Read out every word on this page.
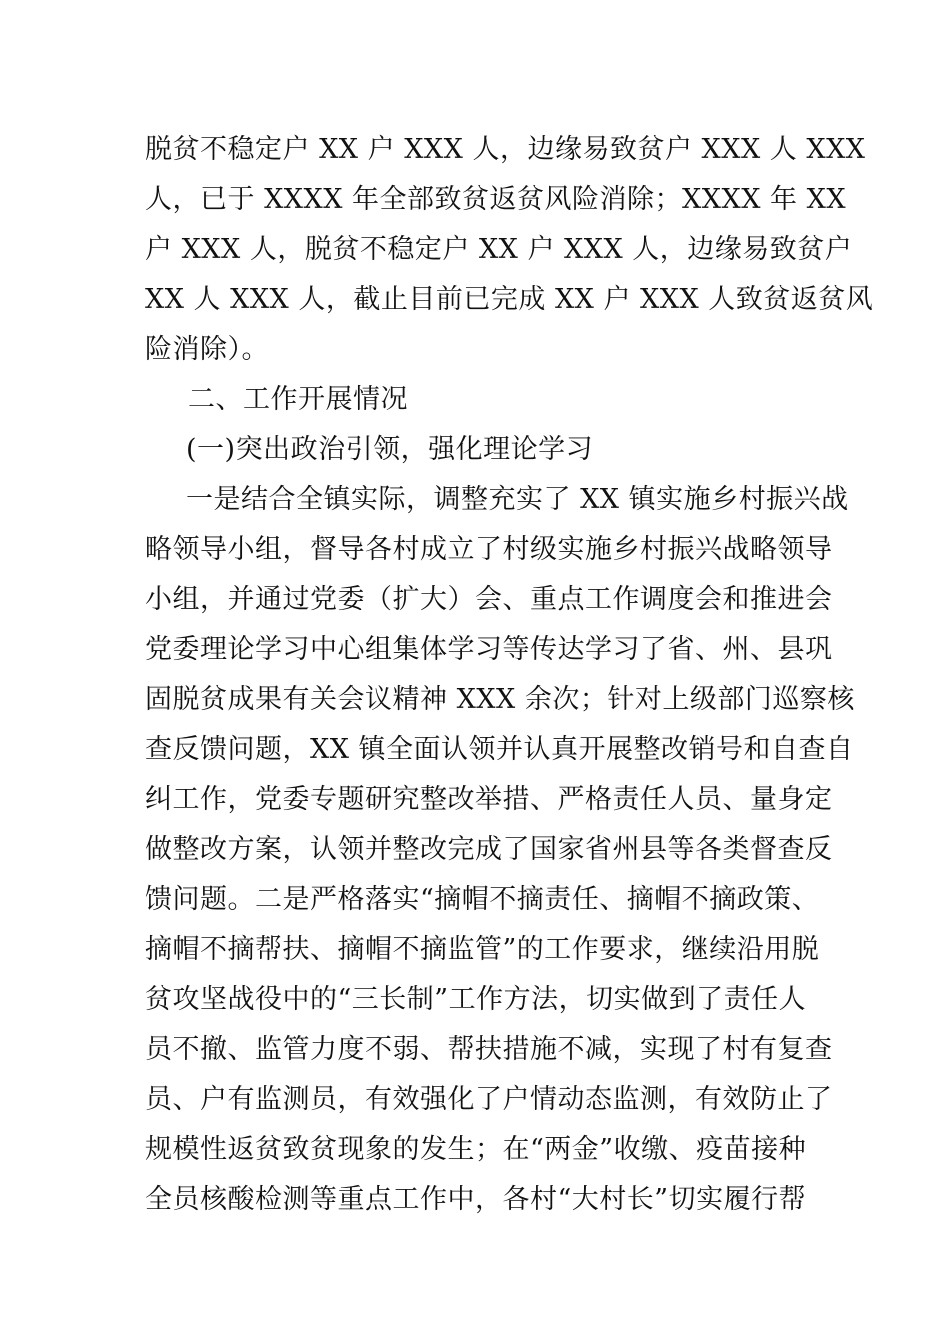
脱贫不稳定户 XX 户 XXX 人，边缘易致贫户 XXX 人 XXX
人，已于 XXXX 年全部致贫返贫风险消除；XXXX 年 XX
户 XXX 人，脱贫不稳定户 XX 户 XXX 人，边缘易致贫户
XX 人 XXX 人，截止目前已完成 XX 户 XXX 人致贫返贫风
险消除）。
二、工作开展情况
(一)突出政治引领，强化理论学习
一是结合全镇实际，调整充实了 XX 镇实施乡村振兴战
略领导小组，督导各村成立了村级实施乡村振兴战略领导
小组，并通过党委（扩大）会、重点工作调度会和推进会
党委理论学习中心组集体学习等传达学习了省、州、县巩
固脱贫成果有关会议精神 XXX 余次；针对上级部门巡察核
查反馈问题，XX 镇全面认领并认真开展整改销号和自查自
纠工作，党委专题研究整改举措、严格责任人员、量身定
做整改方案，认领并整改完成了国家省州县等各类督查反
馈问题。二是严格落实“摘帽不摘责任、摘帽不摘政策、
摘帽不摘帮扶、摘帽不摘监管”的工作要求，继续沿用脱
贫攻坚战役中的“三长制”工作方法，切实做到了责任人
员不撤、监管力度不弱、帮扶措施不减，实现了村有复查
员、户有监测员，有效强化了户情动态监测，有效防止了
规模性返贫致贫现象的发生；在“两金”收缴、疫苗接种
全员核酸检测等重点工作中，各村“大村长”切实履行帮
